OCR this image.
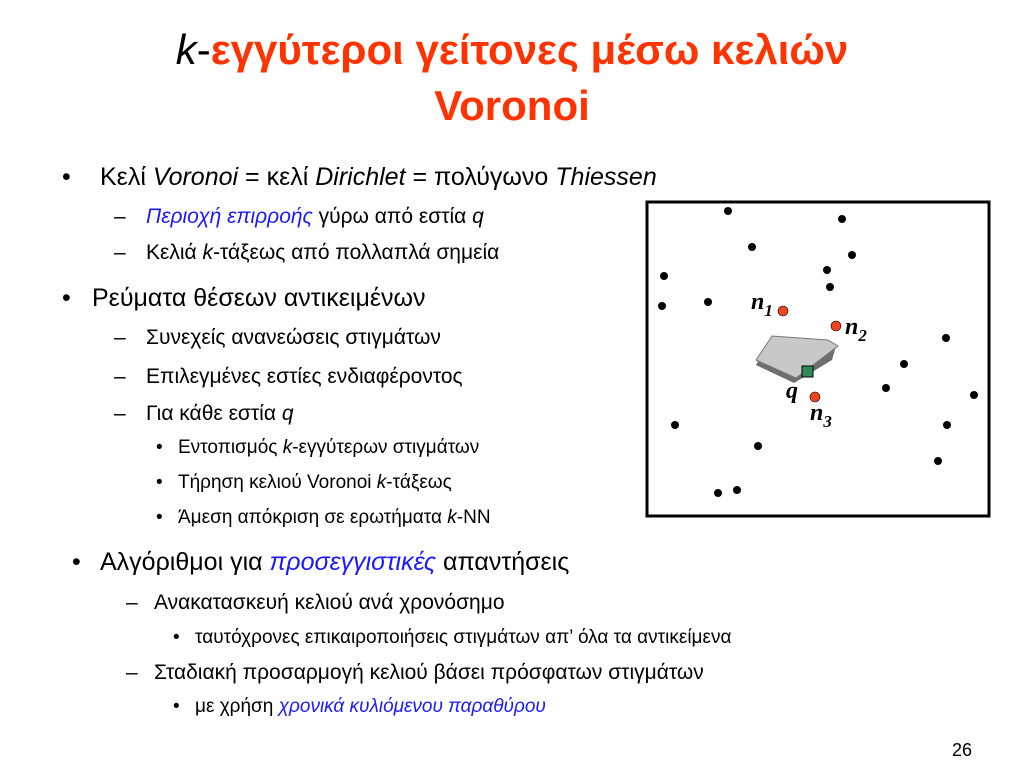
k-εγγύτεροι γείτονες μέσω κελιών
Voronoi
• Κελί Voronoi = κελί Dirichlet = πολύγωνο Thiessen
– Περιοχή επιρροής γύρω από εστία q
– Κελιά k-τάξεως από πολλαπλά σημεία
• Ρεύματα θέσεων αντικειμένων
– Συνεχείς ανανεώσεις στιγμάτων
– Επιλεγμένες εστίες ενδιαφέροντος
– Για κάθε εστία q
• Εντοπισμός k-εγγύτερων στιγμάτων
• Τήρηση κελιού Voronoi k-τάξεως
• Άμεση απόκριση σε ερωτήματα k-NN
• Αλγόριθμοι για προσεγγιστικές απαντήσεις
– Ανακατασκευή κελιού ανά χρονόσημο
• ταυτόχρονες επικαιροποιήσεις στιγμάτων απ’ όλα τα αντικείμενα
– Σταδιακή προσαρμογή κελιού βάσει πρόσφατων στιγμάτων
• με χρήση χρονικά κυλιόμενου παραθύρου
$n_1$
$n_2$
$n_3$
q
26
